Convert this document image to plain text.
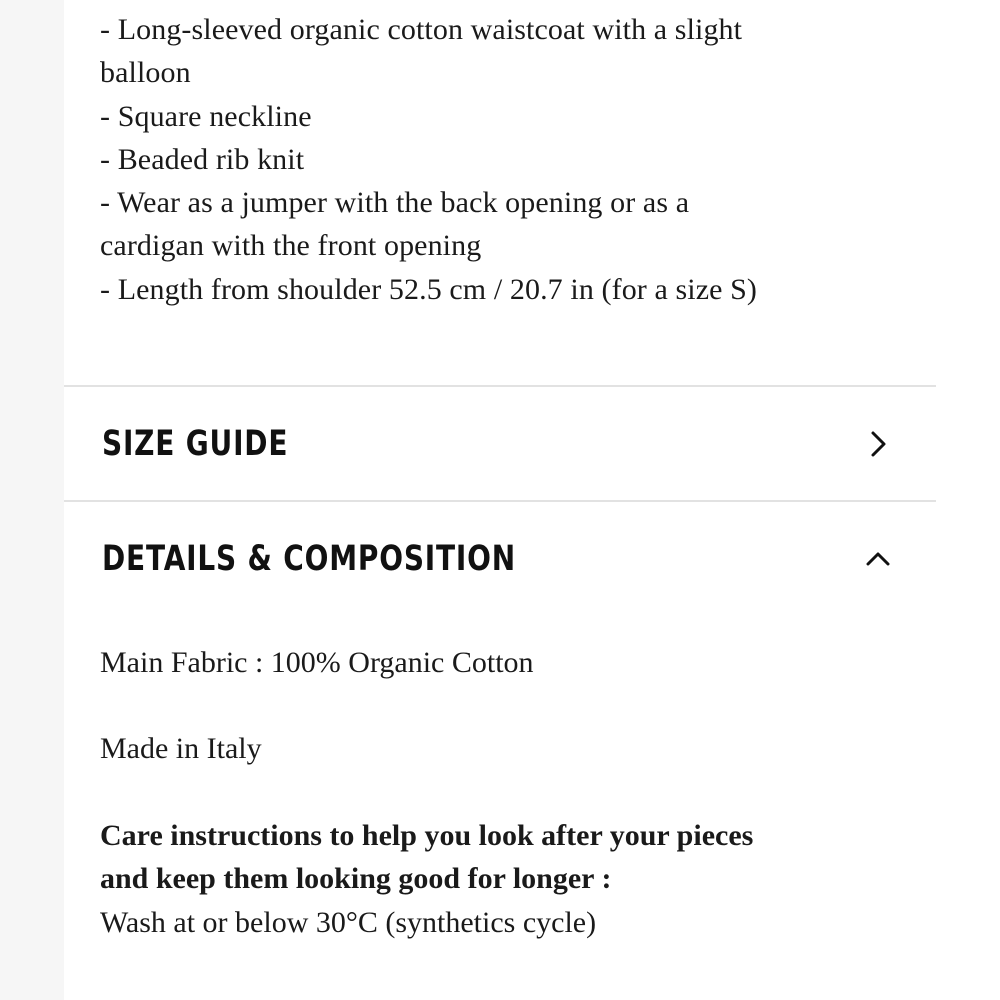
- Long-sleeved organic cotton waistcoat with a slight
balloon
- Square neckline
- Beaded rib knit
- Wear as a jumper with the back opening or as a
cardigan with the front opening
- Length from shoulder 52.5 cm / 20.7 in (for a size S)
SIZE GUIDE
DETAILS & COMPOSITION
Main Fabric : 100% Organic Cotton
Made in Italy
Care instructions to help you look after your pieces
and keep them looking good for longer :
Wash at or below 30°C (synthetics cycle)
